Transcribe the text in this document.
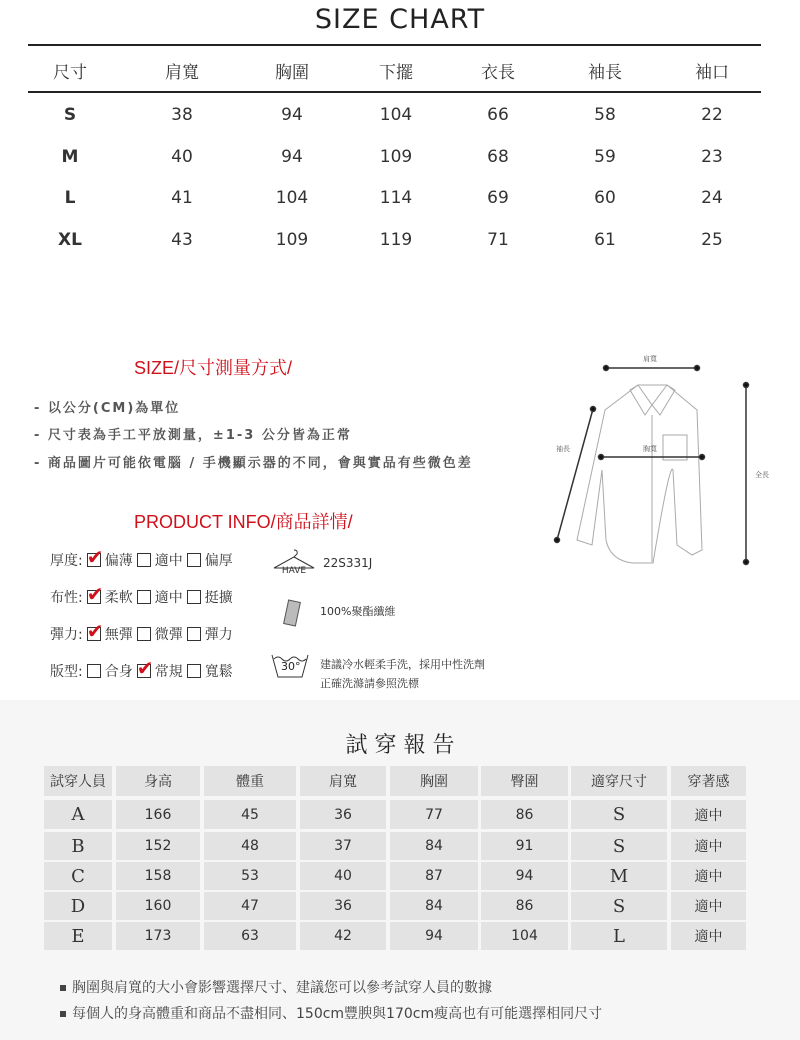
SIZE CHART
尺寸	肩寬	胸圍	下擺	衣長	袖長	袖口
S	38	94	104	66	58	22
M	40	94	109	68	59	23
L	41	104	114	69	60	24
XL	43	109	119	71	61	25
SIZE/尺寸測量方式/
- 以公分(CM)為單位
- 尺寸表為手工平放測量，±1-3 公分皆為正常
- 商品圖片可能依電腦 / 手機顯示器的不同，會與實品有些微色差
肩寬
胸寬
袖長
全長
PRODUCT INFO/商品詳情/
厚度: ✔ 偏薄 適中 偏厚
布性: ✔ 柔軟 適中 挺擴
彈力: ✔ 無彈 微彈 彈力
版型: 合身 ✔ 常規 寬鬆
HAVE
22S331J
100%聚酯纖維
30° 建議冷水輕柔手洗，採用中性洗劑
正確洗滌請參照洗標
試 穿 報 告
試穿人員	身高	體重	肩寬	胸圍	臀圍	適穿尺寸	穿著感
A	166	45	36	77	86	S	適中
B	152	48	37	84	91	S	適中
C	158	53	40	87	94	M	適中
D	160	47	36	84	86	S	適中
E	173	63	42	94	104	L	適中
胸圍與肩寬的大小會影響選擇尺寸、建議您可以參考試穿人員的數據
每個人的身高體重和商品不盡相同、150cm豐腴與170cm瘦高也有可能選擇相同尺寸
